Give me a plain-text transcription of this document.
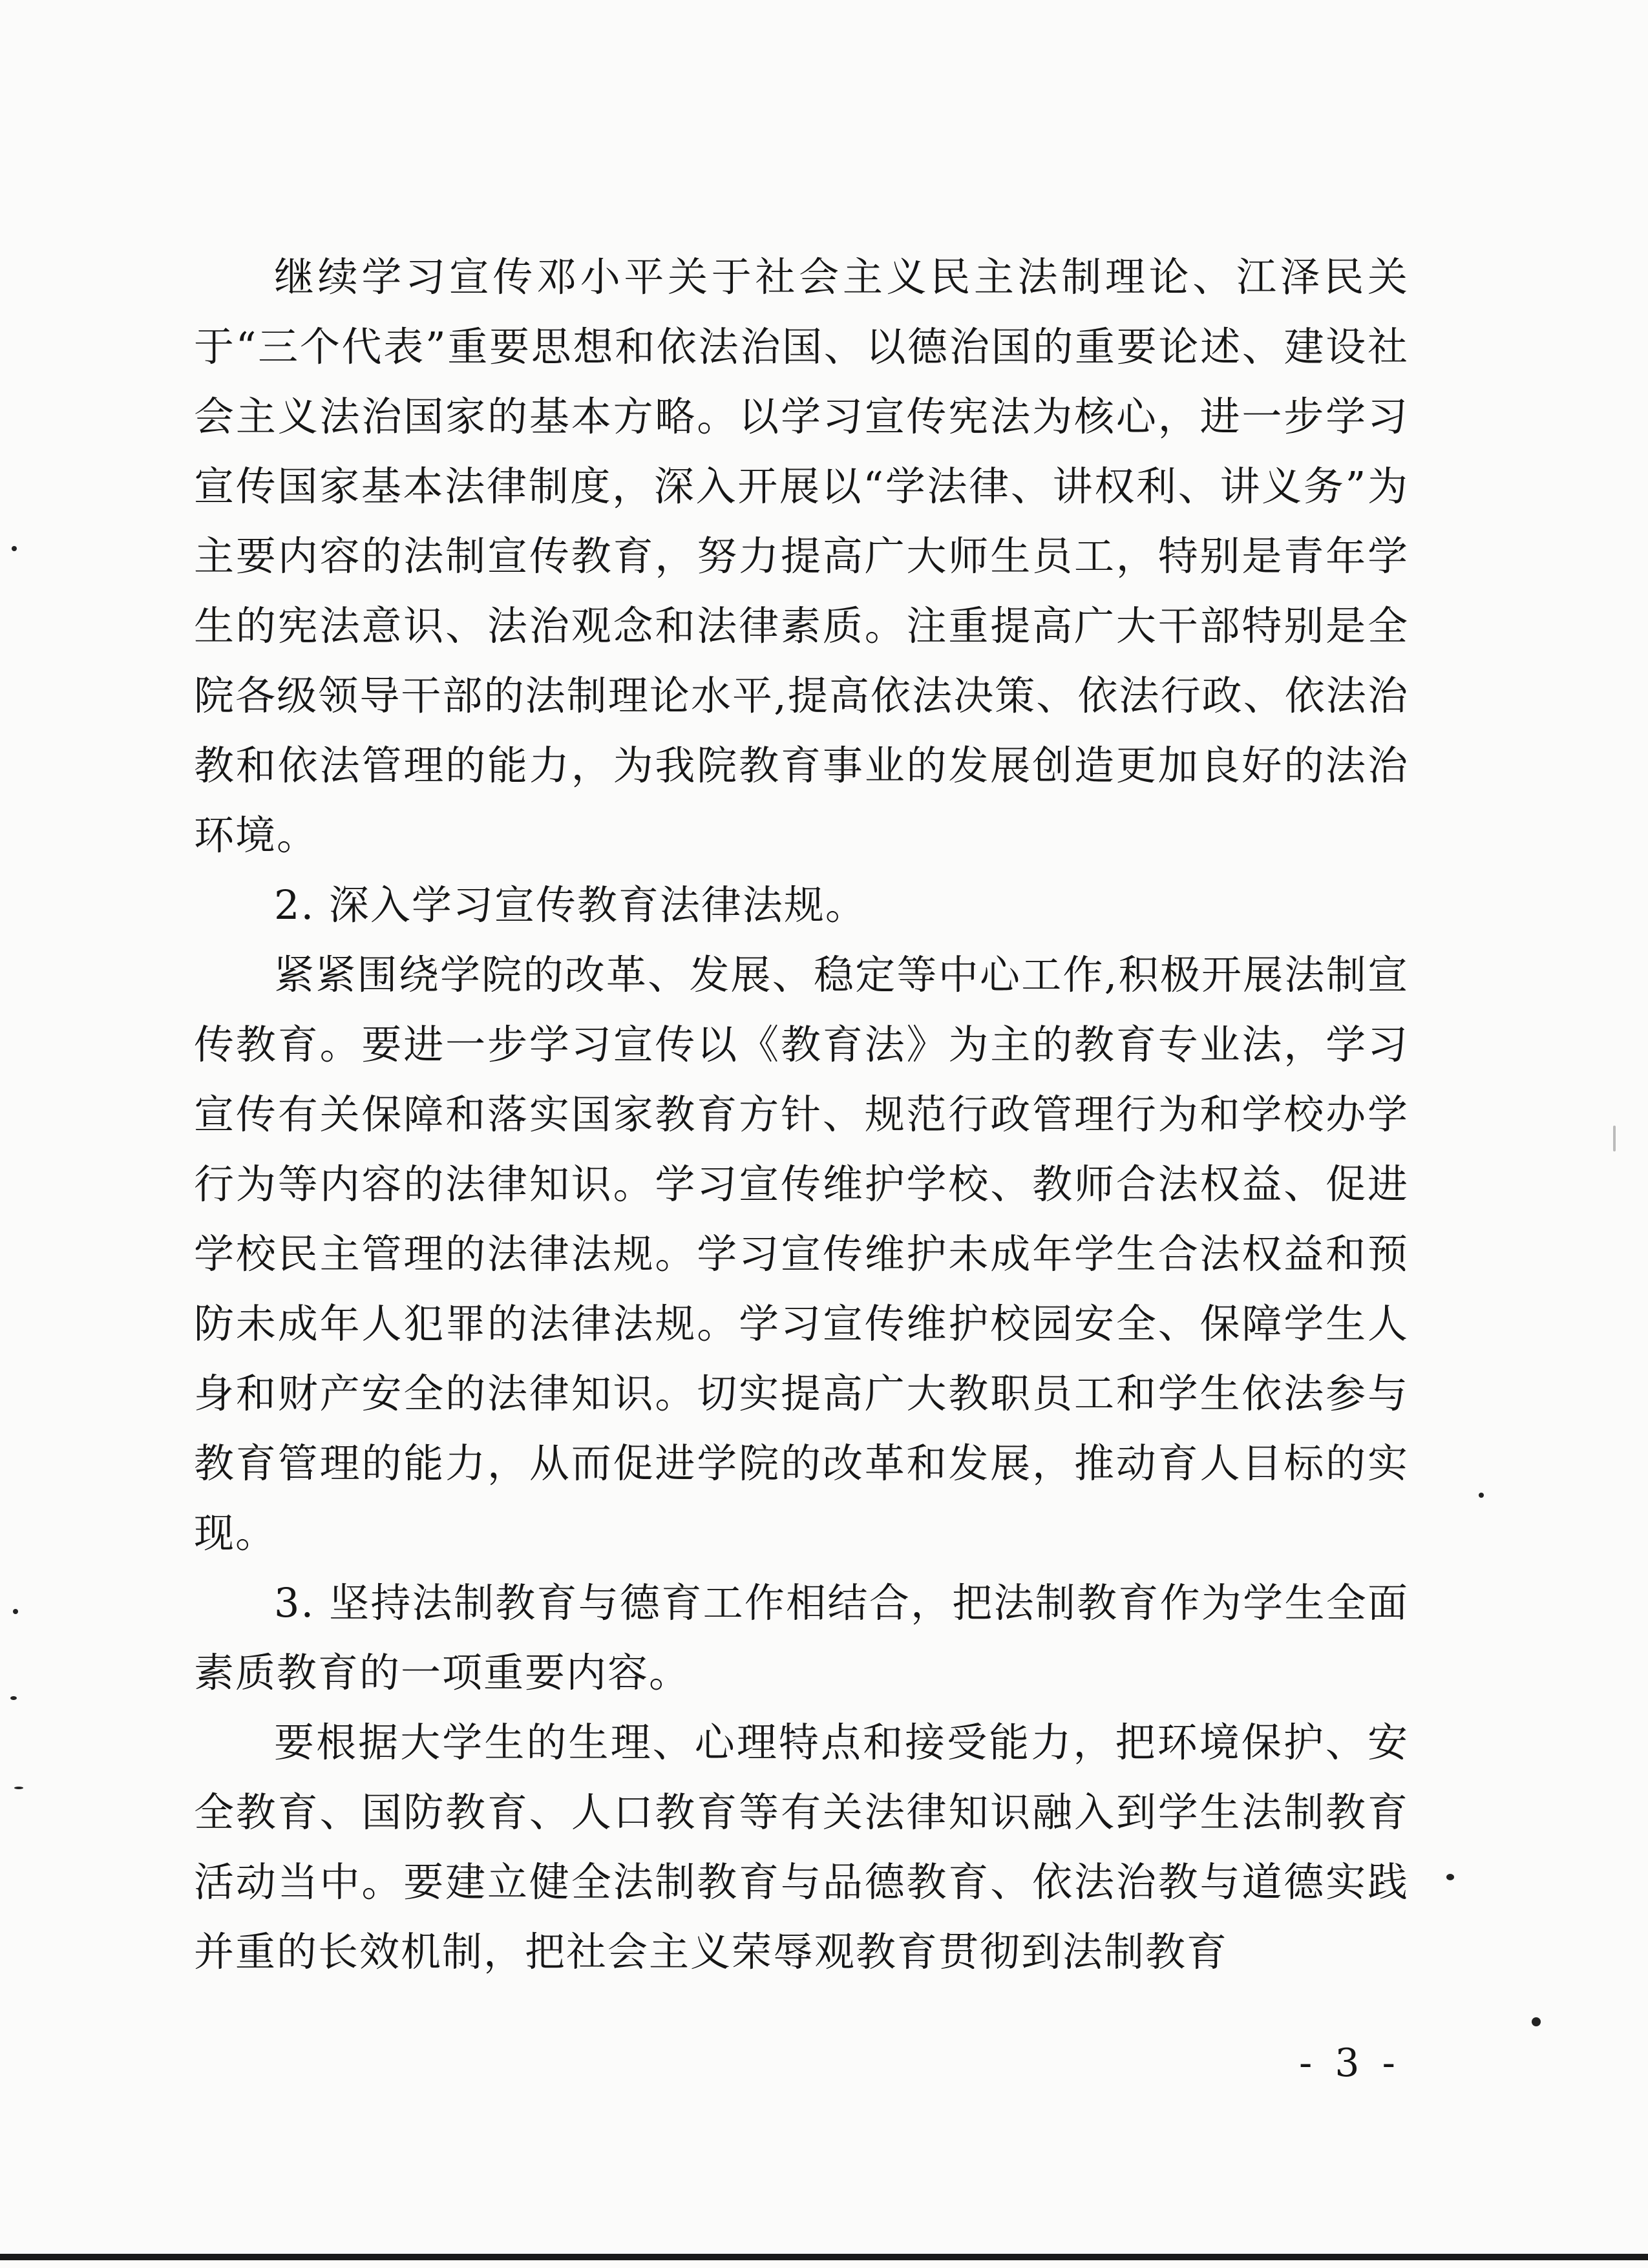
继续学习宣传邓小平关于社会主义民主法制理论、江泽民关于“三个代表”重要思想和依法治国、以德治国的重要论述、建设社会主义法治国家的基本方略。以学习宣传宪法为核心，进一步学习宣传国家基本法律制度，深入开展以“学法律、讲权利、讲义务”为主要内容的法制宣传教育，努力提高广大师生员工，特别是青年学生的宪法意识、法治观念和法律素质。注重提高广大干部特别是全院各级领导干部的法制理论水平,提高依法决策、依法行政、依法治教和依法管理的能力，为我院教育事业的发展创造更加良好的法治环境。

2. 深入学习宣传教育法律法规。

紧紧围绕学院的改革、发展、稳定等中心工作,积极开展法制宣传教育。要进一步学习宣传以《教育法》为主的教育专业法，学习宣传有关保障和落实国家教育方针、规范行政管理行为和学校办学行为等内容的法律知识。学习宣传维护学校、教师合法权益、促进学校民主管理的法律法规。学习宣传维护未成年学生合法权益和预防未成年人犯罪的法律法规。学习宣传维护校园安全、保障学生人身和财产安全的法律知识。切实提高广大教职员工和学生依法参与教育管理的能力，从而促进学院的改革和发展，推动育人目标的实现。

3. 坚持法制教育与德育工作相结合，把法制教育作为学生全面素质教育的一项重要内容。

要根据大学生的生理、心理特点和接受能力，把环境保护、安全教育、国防教育、人口教育等有关法律知识融入到学生法制教育活动当中。要建立健全法制教育与品德教育、依法治教与道德实践并重的长效机制，把社会主义荣辱观教育贯彻到法制教育

- 3 -
